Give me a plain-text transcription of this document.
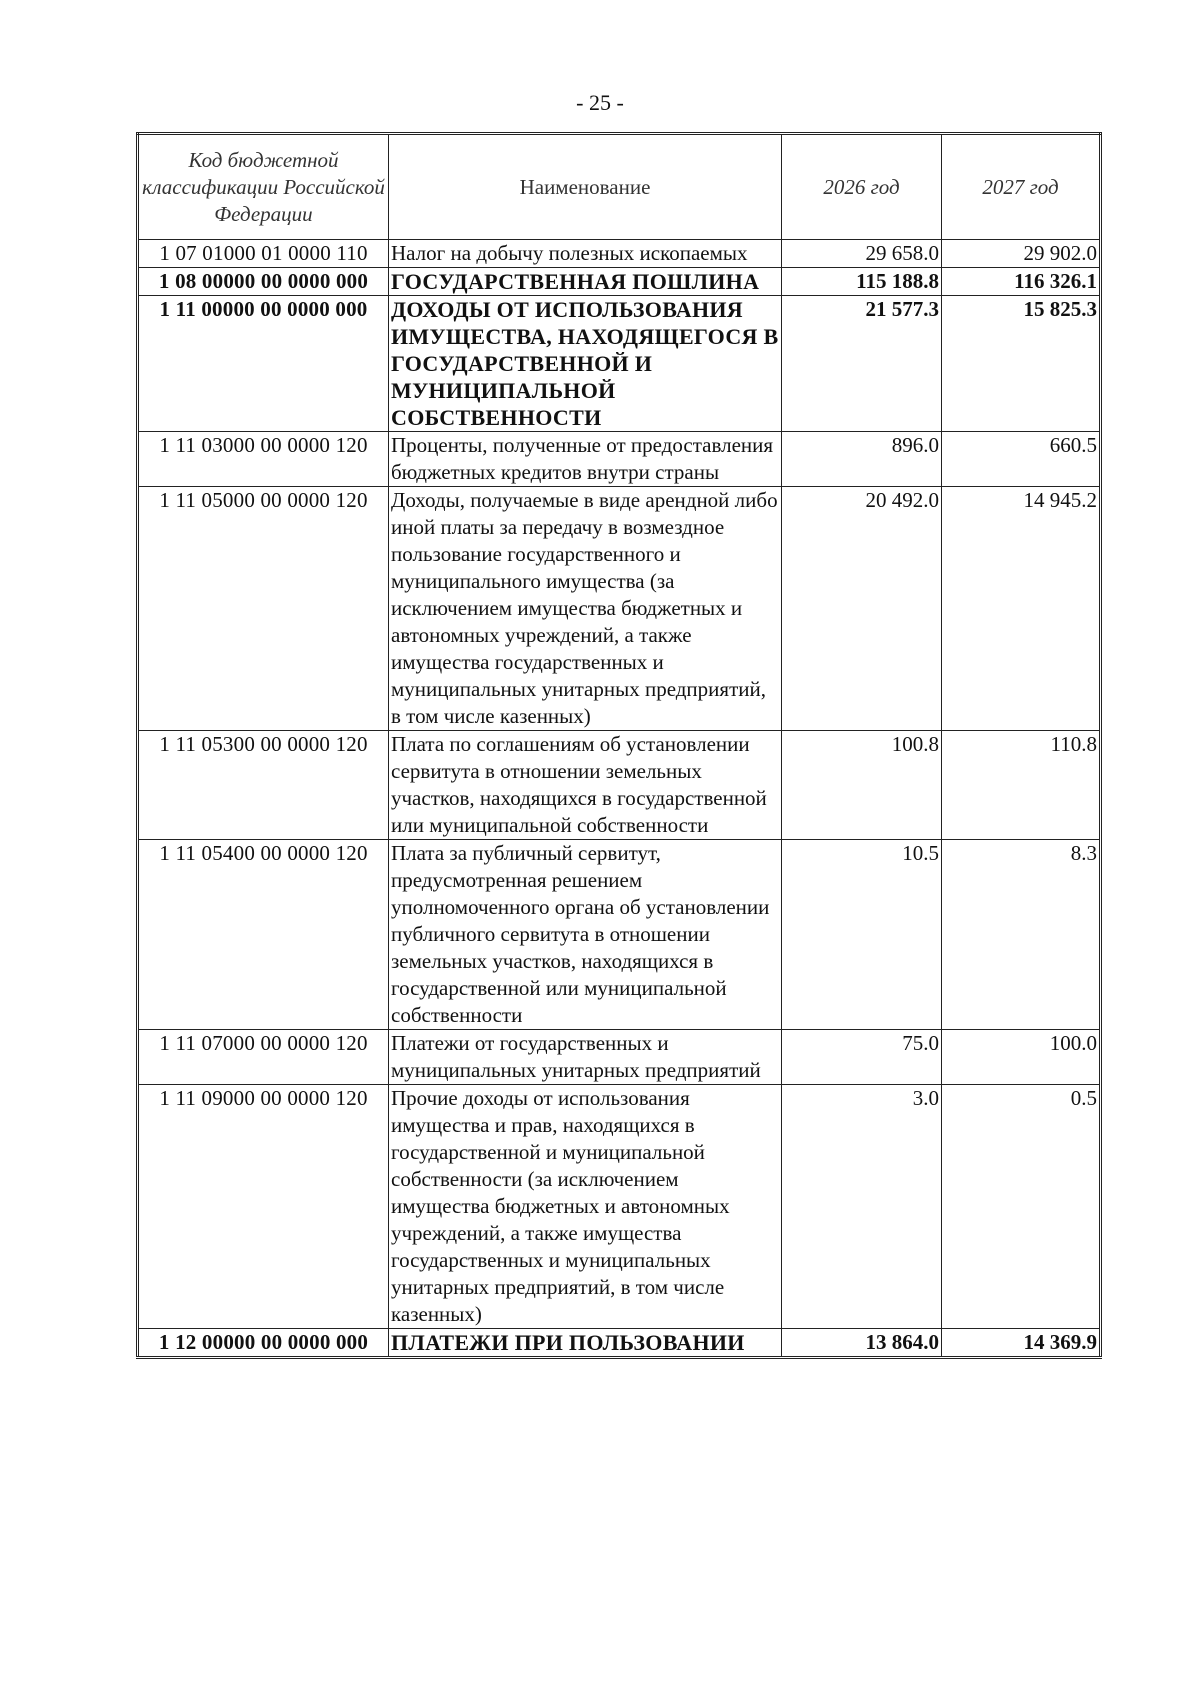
- 25 -
Код бюджетной классификации Российской Федерации	Наименование	2026 год	2027 год
1 07 01000 01 0000 110	Налог на добычу полезных ископаемых	29 658.0	29 902.0
1 08 00000 00 0000 000	ГОСУДАРСТВЕННАЯ ПОШЛИНА	115 188.8	116 326.1
1 11 00000 00 0000 000	ДОХОДЫ ОТ ИСПОЛЬЗОВАНИЯ ИМУЩЕСТВА, НАХОДЯЩЕГОСЯ В ГОСУДАРСТВЕННОЙ И МУНИЦИПАЛЬНОЙ СОБСТВЕННОСТИ	21 577.3	15 825.3
1 11 03000 00 0000 120	Проценты, полученные от предоставления бюджетных кредитов внутри страны	896.0	660.5
1 11 05000 00 0000 120	Доходы, получаемые в виде арендной либо иной платы за передачу в возмездное пользование государственного и муниципального имущества (за исключением имущества бюджетных и автономных учреждений, а также имущества государственных и муниципальных унитарных предприятий, в том числе казенных)	20 492.0	14 945.2
1 11 05300 00 0000 120	Плата по соглашениям об установлении сервитута в отношении земельных участков, находящихся в государственной или муниципальной собственности	100.8	110.8
1 11 05400 00 0000 120	Плата за публичный сервитут, предусмотренная решением уполномоченного органа об установлении публичного сервитута в отношении земельных участков, находящихся в государственной или муниципальной собственности	10.5	8.3
1 11 07000 00 0000 120	Платежи от государственных и муниципальных унитарных предприятий	75.0	100.0
1 11 09000 00 0000 120	Прочие доходы от использования имущества и прав, находящихся в государственной и муниципальной собственности (за исключением имущества бюджетных и автономных учреждений, а также имущества государственных и муниципальных унитарных предприятий, в том числе казенных)	3.0	0.5
1 12 00000 00 0000 000	ПЛАТЕЖИ ПРИ ПОЛЬЗОВАНИИ	13 864.0	14 369.9
